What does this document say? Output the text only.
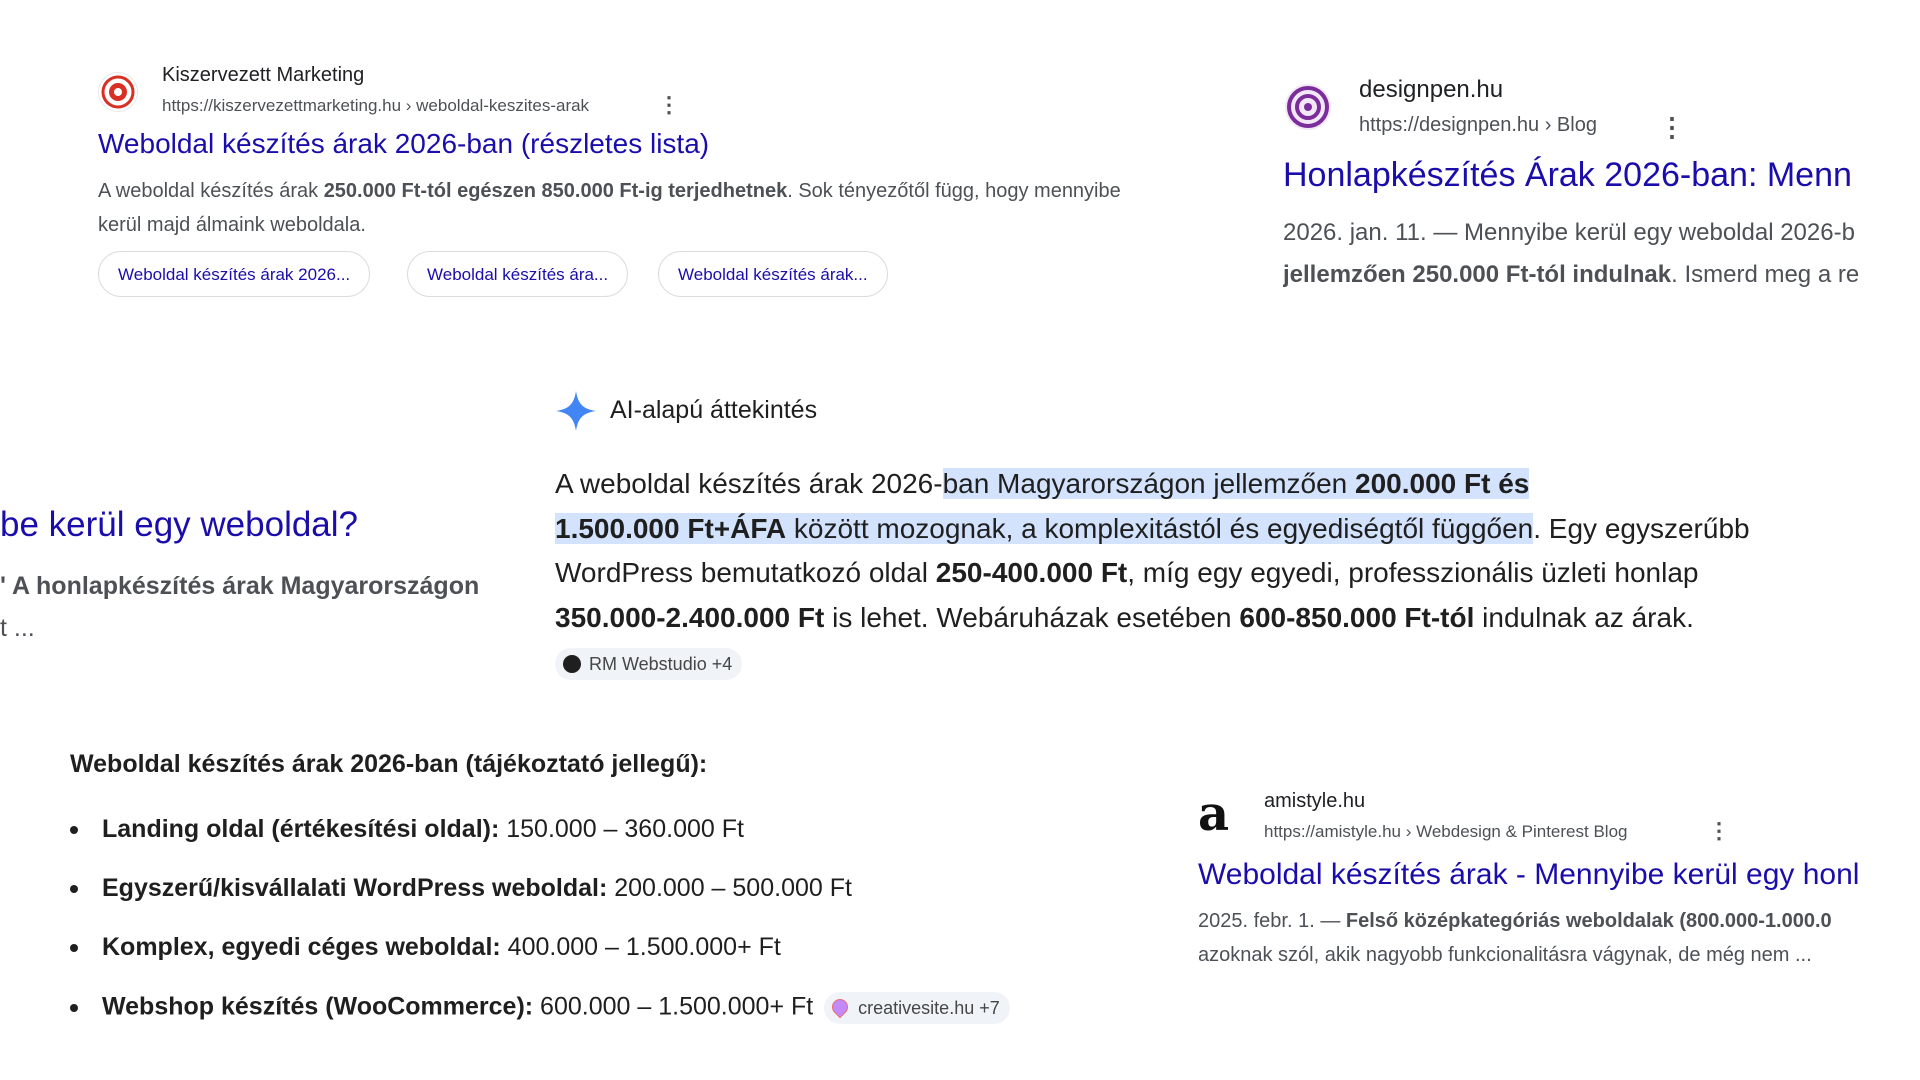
Kiszervezett Marketing
https://kiszervezettmarketing.hu › weboldal-keszites-arak	⋮
Weboldal készítés árak 2026-ban (részletes lista)
A weboldal készítés árak 250.000 Ft-tól egészen 850.000 Ft-ig terjedhetnek. Sok tényezőtől függ, hogy mennyibe kerül majd álmaink weboldala.
Weboldal készítés árak 2026...	Weboldal készítés ára...	Weboldal készítés árak...
designpen.hu
https://designpen.hu › Blog ⋮
Honlapkészítés Árak 2026-ban: Menn
2026. jan. 11. — Mennyibe kerül egy weboldal 2026-b
jellemzően 250.000 Ft-tól indulnak. Ismerd meg a re
AI-alapú áttekintés
be kerül egy weboldal?
' A honlapkészítés árak Magyarországon
t ...
A weboldal készítés árak 2026-ban Magyarországon jellemzően 200.000 Ft és
1.500.000 Ft+ÁFA között mozognak, a komplexitástól és egyediségtől függően. Egy egyszerűbb WordPress bemutatkozó oldal 250-400.000 Ft, míg egy egyedi, professzionális üzleti honlap 350.000-2.400.000 Ft is lehet. Webáruházak esetében 600-850.000 Ft-tól indulnak az árak. RM Webstudio +4
Weboldal készítés árak 2026-ban (tájékoztató jellegű):
Landing oldal (értékesítési oldal): 150.000 – 360.000 Ft
Egyszerű/kisvállalati WordPress weboldal: 200.000 – 500.000 Ft
Komplex, egyedi céges weboldal: 400.000 – 1.500.000+ Ft
Webshop készítés (WooCommerce): 600.000 – 1.500.000+ Ft creativesite.hu +7
a	amistyle.hu
https://amistyle.hu › Webdesign & Pinterest Blog	⋮
Weboldal készítés árak - Mennyibe kerül egy honl
2025. febr. 1. — Felső középkategóriás weboldalak (800.000-1.000.0
azoknak szól, akik nagyobb funkcionalitásra vágynak, de még nem ...
